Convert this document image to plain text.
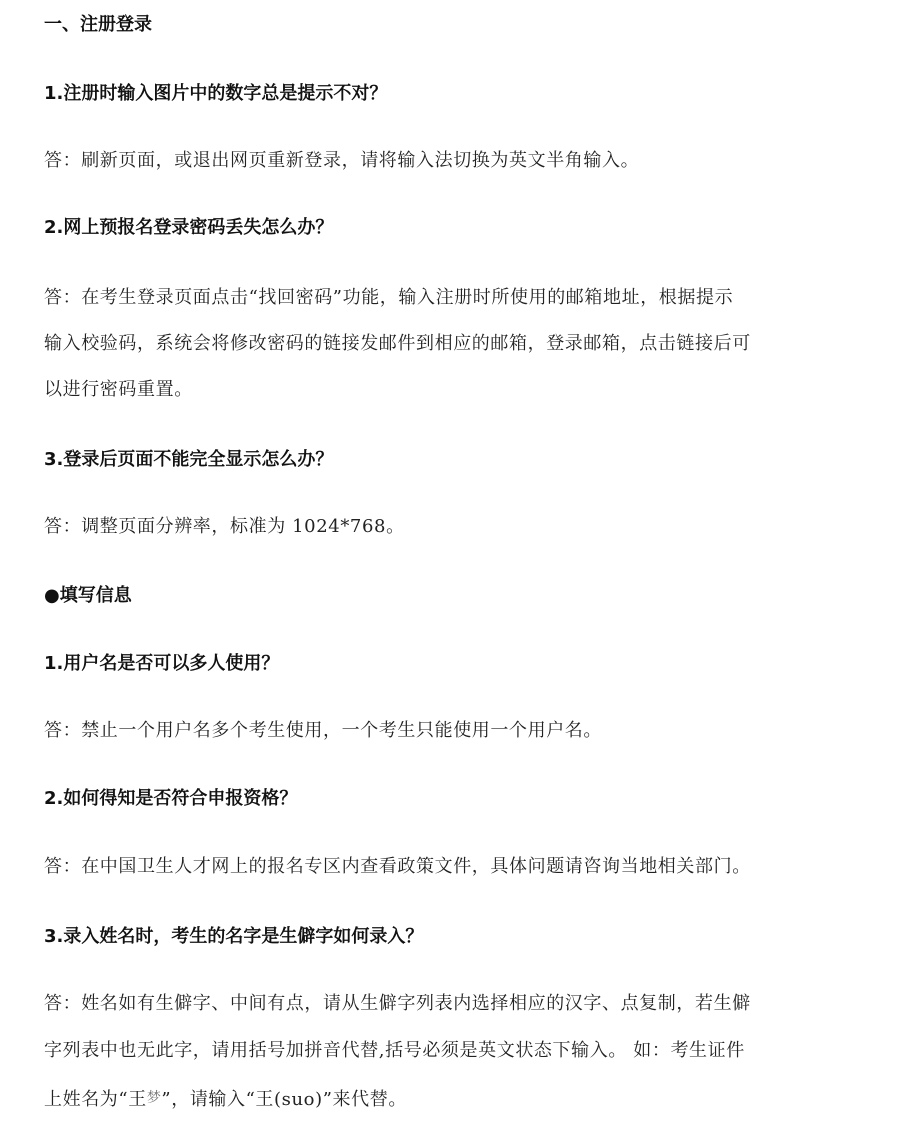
一、注册登录
1.注册时输入图片中的数字总是提示不对？
答：刷新页面，或退出网页重新登录，请将输入法切换为英文半角输入。
2.网上预报名登录密码丢失怎么办？
答：在考生登录页面点击“找回密码”功能，输入注册时所使用的邮箱地址，根据提示
输入校验码，系统会将修改密码的链接发邮件到相应的邮箱，登录邮箱，点击链接后可
以进行密码重置。
3.登录后页面不能完全显示怎么办？
答：调整页面分辨率，标准为 1024*768。
●填写信息
1.用户名是否可以多人使用？
答：禁止一个用户名多个考生使用，一个考生只能使用一个用户名。
2.如何得知是否符合申报资格？
答：在中国卫生人才网上的报名专区内查看政策文件，具体问题请咨询当地相关部门。
3.录入姓名时，考生的名字是生僻字如何录入？
答：姓名如有生僻字、中间有点，请从生僻字列表内选择相应的汉字、点复制，若生僻
字列表中也无此字，请用括号加拼音代替,括号必须是英文状态下输入。 如：考生证件
上姓名为“王梦”，请输入“王(suo)”来代替。
